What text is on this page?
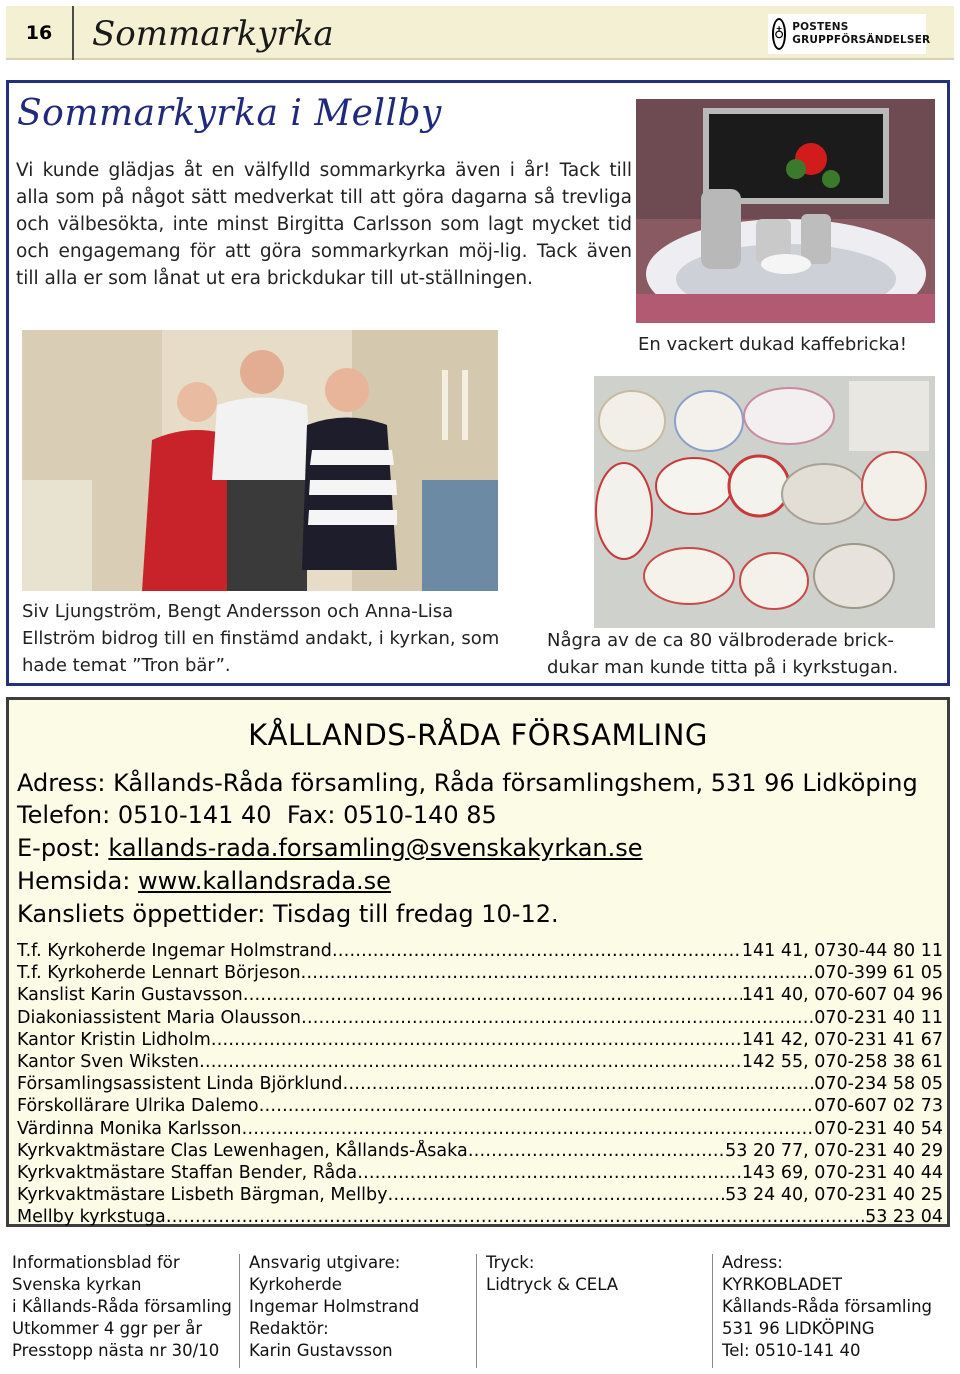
16	Sommarkyrka	♁ POSTENS
GRUPPFÖRSÄNDELSER
Sommarkyrka i Mellby
Vi kunde glädjas åt en välfylld sommarkyrka även i år! Tack till alla som på något sätt medverkat till att göra dagarna så trevliga och välbesökta, inte minst Birgitta Carlsson som lagt mycket tid och engagemang för att göra sommarkyrkan möj-lig. Tack även till alla er som lånat ut era brickdukar till ut-ställningen.
En vackert dukad kaffebricka!
Siv Ljungström, Bengt Andersson och Anna-Lisa Ellström bidrog till en finstämd andakt, i kyrkan, som hade temat ”Tron bär”.
Några av de ca 80 välbroderade brick-dukar man kunde titta på i kyrkstugan.
KÅLLANDS-RÅDA FÖRSAMLING
Adress: Kållands-Råda församling, Råda församlingshem, 531 96 Lidköping
Telefon: 0510-141 40 Fax: 0510-140 85
E-post: kallands-rada.forsamling@svenskakyrkan.se
Hemsida: www.kallandsrada.se
Kansliets öppettider: Tisdag till fredag 10-12.
T.f. Kyrkoherde Ingemar Holmstrand ……………………………………………………………………………………………………………………………………………………………………	141 41, 0730-44 80 11
T.f. Kyrkoherde Lennart Börjeson ……………………………………………………………………………………………………………………………………………………………………	070-399 61 05
Kanslist Karin Gustavsson ……………………………………………………………………………………………………………………………………………………………………	141 40, 070-607 04 96
Diakoniassistent Maria Olausson ……………………………………………………………………………………………………………………………………………………………………	070-231 40 11
Kantor Kristin Lidholm ……………………………………………………………………………………………………………………………………………………………………	141 42, 070-231 41 67
Kantor Sven Wiksten ……………………………………………………………………………………………………………………………………………………………………	142 55, 070-258 38 61
Församlingsassistent Linda Björklund ……………………………………………………………………………………………………………………………………………………………………	070-234 58 05
Förskollärare Ulrika Dalemo ……………………………………………………………………………………………………………………………………………………………………	070-607 02 73
Värdinna Monika Karlsson ……………………………………………………………………………………………………………………………………………………………………	070-231 40 54
Kyrkvaktmästare Clas Lewenhagen, Kållands-Åsaka ……………………………………………………………………………………………………………………………………………………………………	53 20 77, 070-231 40 29
Kyrkvaktmästare Staffan Bender, Råda ……………………………………………………………………………………………………………………………………………………………………	143 69, 070-231 40 44
Kyrkvaktmästare Lisbeth Bärgman, Mellby ……………………………………………………………………………………………………………………………………………………………………	53 24 40, 070-231 40 25
Mellby kyrkstuga ……………………………………………………………………………………………………………………………………………………………………	53 23 04
Informationsblad för
Svenska kyrkan
i Kållands-Råda församling
Utkommer 4 ggr per år
Presstopp nästa nr 30/10
Ansvarig utgivare:
Kyrkoherde
Ingemar Holmstrand
Redaktör:
Karin Gustavsson
Tryck:
Lidtryck & CELA
Adress:
KYRKOBLADET
Kållands-Råda församling
531 96 LIDKÖPING
Tel: 0510-141 40
